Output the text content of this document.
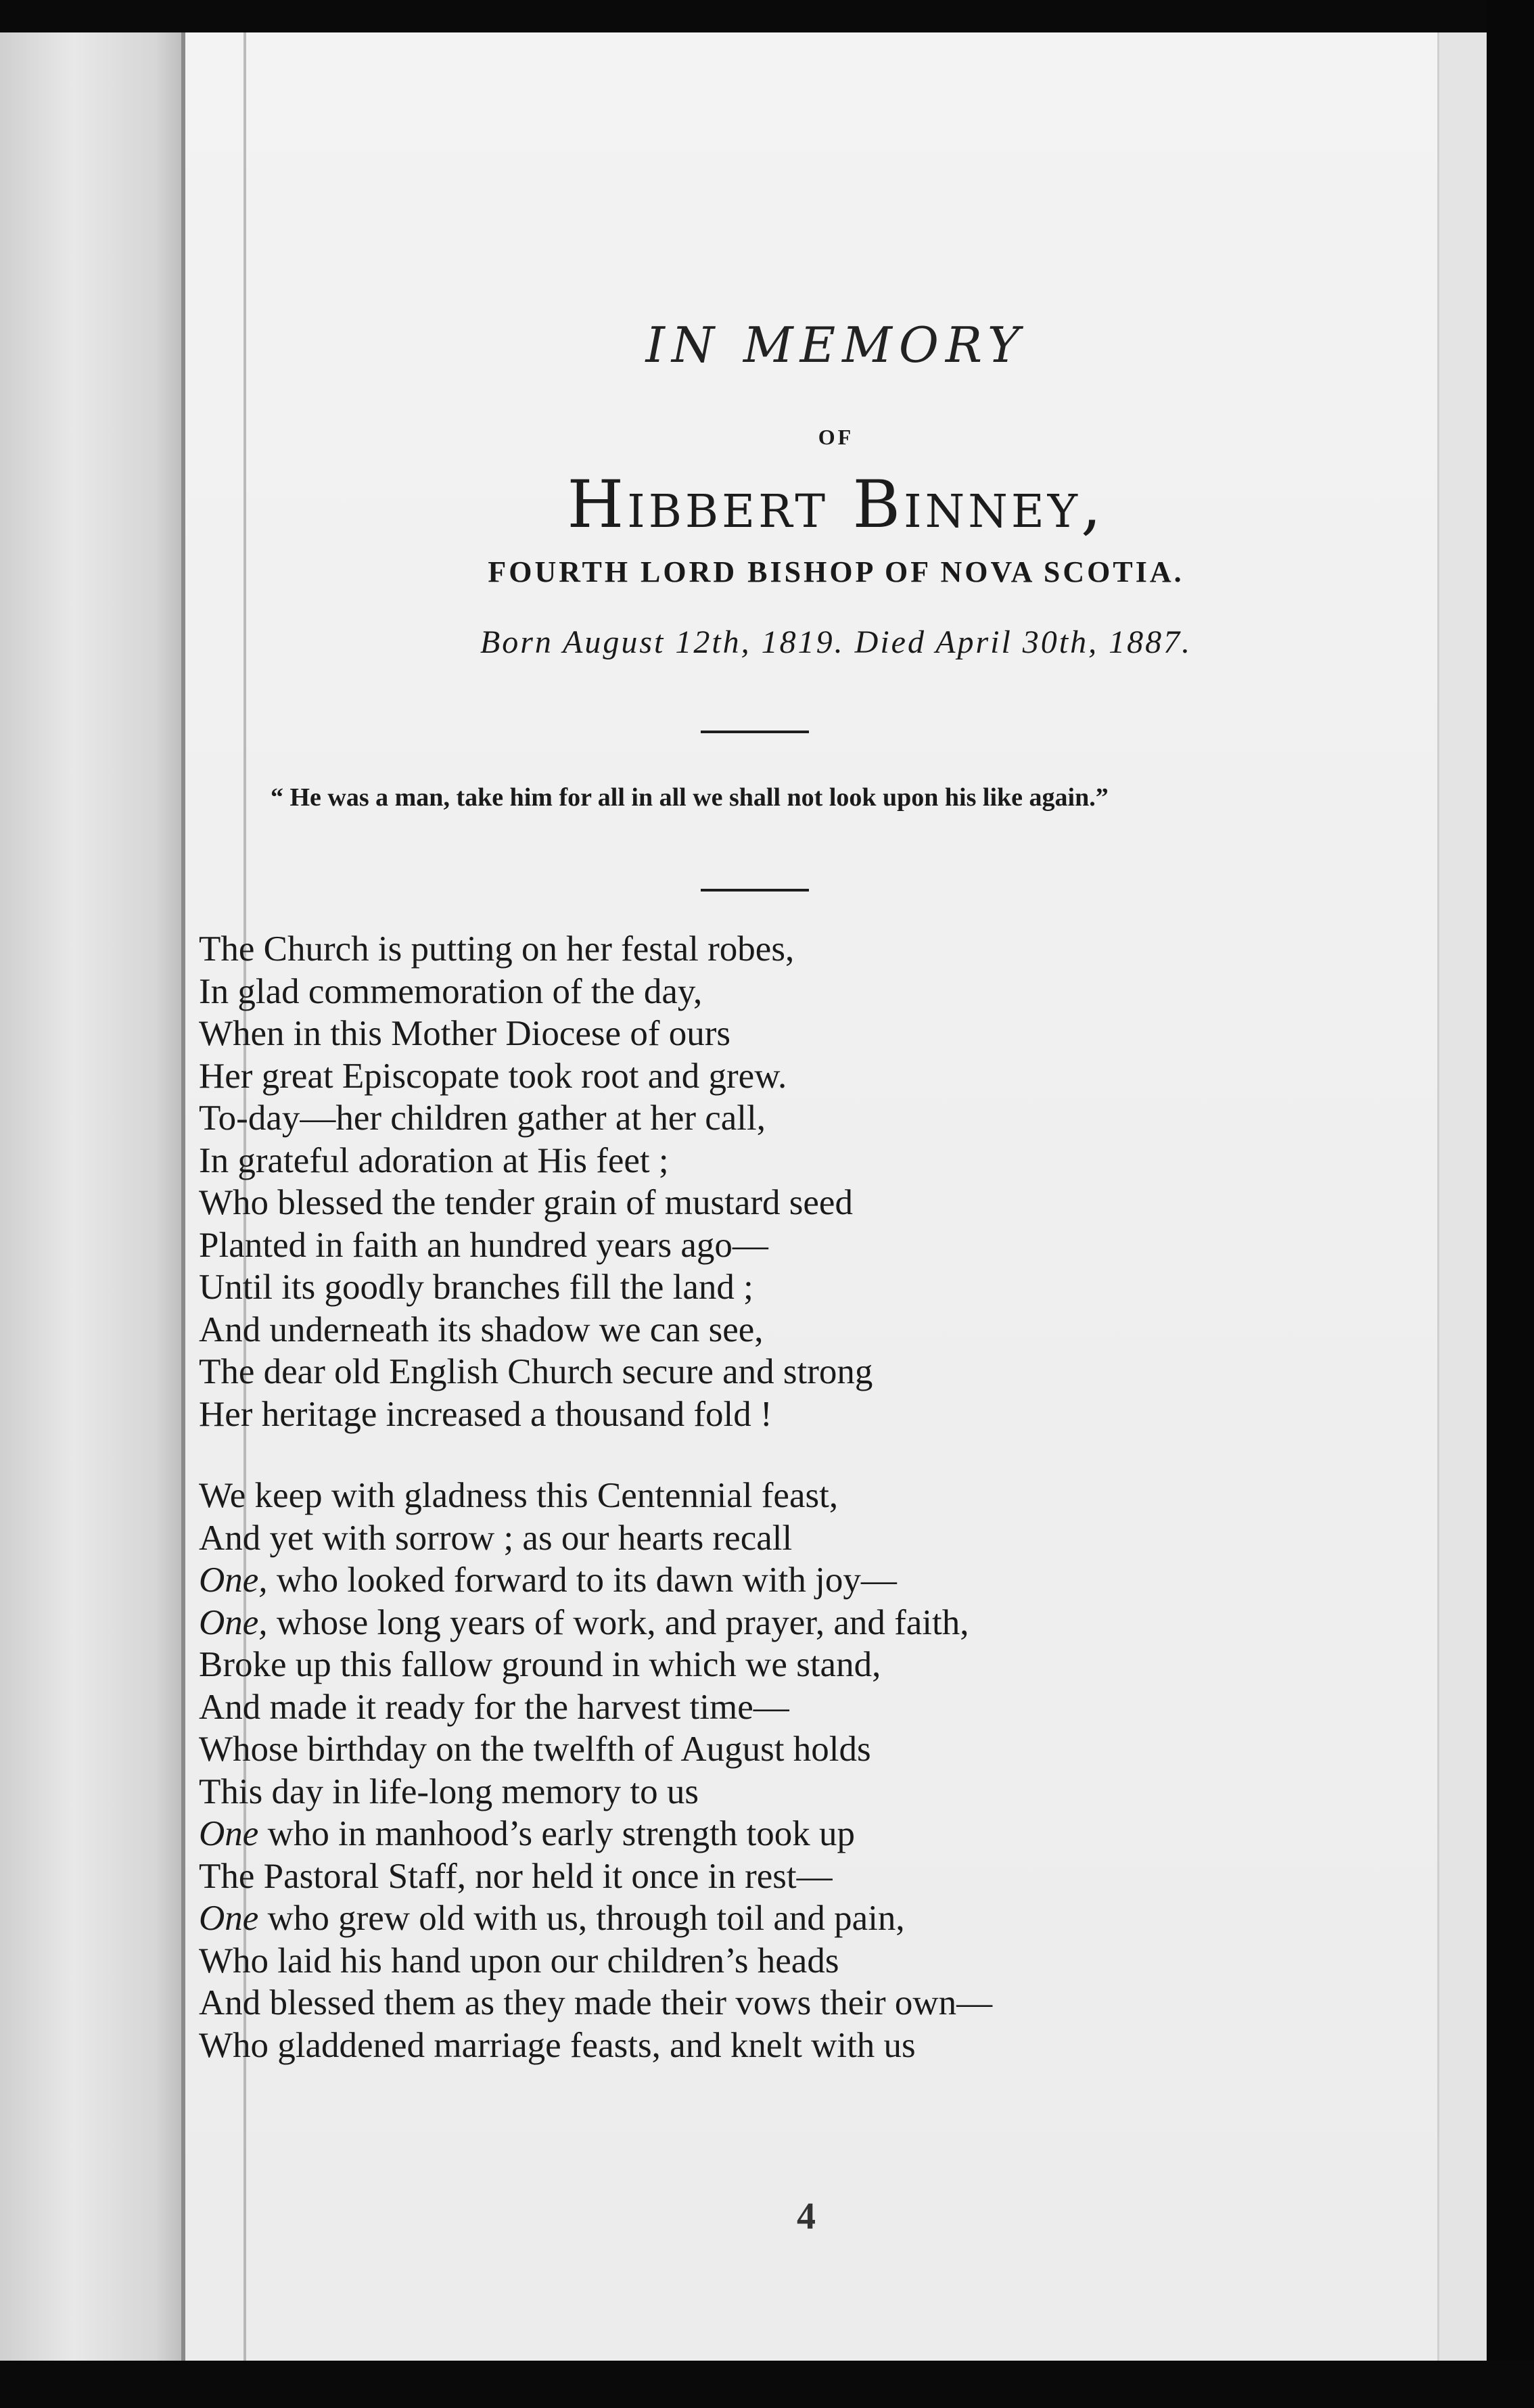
IN MEMORY
OF
Hibbert Binney,
FOURTH LORD BISHOP OF NOVA SCOTIA.
Born August 12th, 1819. Died April 30th, 1887.
“ He was a man, take him for all in all we shall not look upon his like again.”
The Church is putting on her festal robes,
In glad commemoration of the day,
When in this Mother Diocese of ours
Her great Episcopate took root and grew.
To-day—her children gather at her call,
In grateful adoration at His feet ;
Who blessed the tender grain of mustard seed
Planted in faith an hundred years ago—
Until its goodly branches fill the land ;
And underneath its shadow we can see,
The dear old English Church secure and strong
Her heritage increased a thousand fold !
We keep with gladness this Centennial feast,
And yet with sorrow ; as our hearts recall
One, who looked forward to its dawn with joy—
One, whose long years of work, and prayer, and faith,
Broke up this fallow ground in which we stand,
And made it ready for the harvest time—
Whose birthday on the twelfth of August holds
This day in life-long memory to us
One who in manhood’s early strength took up
The Pastoral Staff, nor held it once in rest—
One who grew old with us, through toil and pain,
Who laid his hand upon our children’s heads
And blessed them as they made their vows their own—
Who gladdened marriage feasts, and knelt with us
4
